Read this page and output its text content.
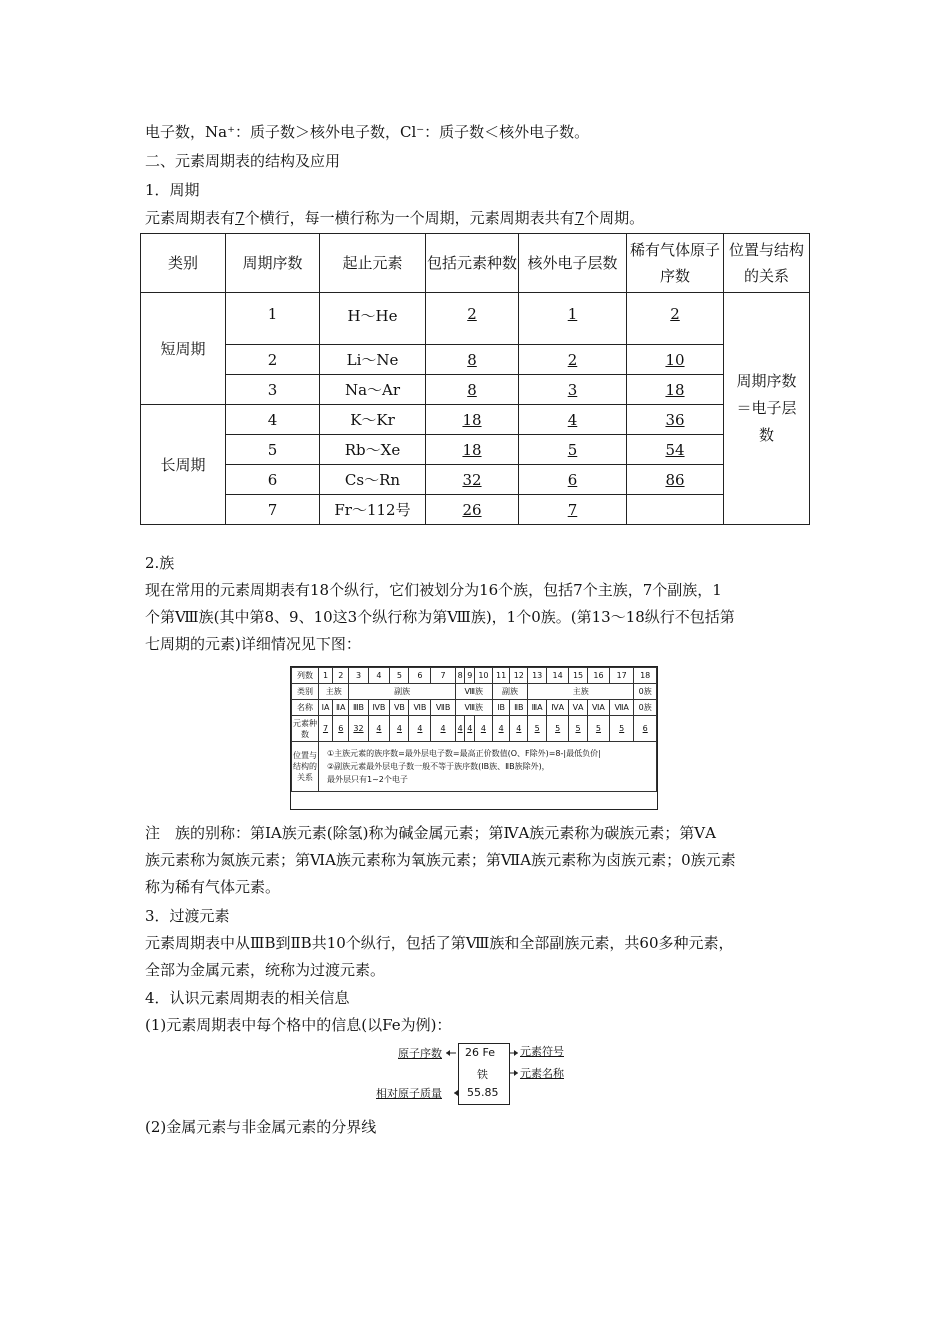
电子数，Na⁺：质子数＞核外电子数，Cl⁻：质子数＜核外电子数。
二、元素周期表的结构及应用
1．周期
元素周期表有7个横行，每一横行称为一个周期，元素周期表共有7个周期。
类别	周期序数	起止元素	包括元素种数	核外电子层数	稀有气体原子序数	位置与结构的关系
短周期	1	H～He	2	1	2	周期序数＝电子层数
	2	Li～Ne	8	2	10	
	3	Na～Ar	8	3	18	
长周期	4	K～Kr	18	4	36	
	5	Rb～Xe	18	5	54	
	6	Cs～Rn	32	6	86	
	7	Fr～112号	26	7		
2.族
现在常用的元素周期表有18个纵行，它们被划分为16个族，包括7个主族，7个副族，1
个第Ⅷ族(其中第8、9、10这3个纵行称为第Ⅷ族)，1个0族。(第13～18纵行不包括第
七周期的元素)详细情况见下图：
列数	1	2	3	4	5	6	7	8	9	10	11	12	13	14	15	16	17	18
类别	主族		副族					Ⅷ族			副族		主族					0族
名称	ⅠA	ⅡA	ⅢB	ⅣB	ⅤB	ⅥB	ⅦB	Ⅷ族			ⅠB	ⅡB	ⅢA	ⅣA	ⅤA	ⅥA	ⅦA	0族
元素种数	7	6	32	4	4	4	4	4	4	4	4	4	5	5	5	5	5	6
位置与结构的关系	①主族元素的族序数=最外层电子数=最高正价数值(O、F除外)=8-|最低负价|
②副族元素最外层电子数一般不等于族序数(ⅠB族、ⅡB族除外)，
最外层只有1~2个电子																	
注　族的别称：第ⅠA族元素(除氢)称为碱金属元素；第ⅣA族元素称为碳族元素；第ⅤA
族元素称为氮族元素；第ⅥA族元素称为氧族元素；第ⅦA族元素称为卤族元素；0族元素
称为稀有气体元素。
3．过渡元素
元素周期表中从ⅢB到ⅡB共10个纵行，包括了第Ⅷ族和全部副族元素，共60多种元素，
全部为金属元素，统称为过渡元素。
4．认识元素周期表的相关信息
(1)元素周期表中每个格中的信息(以Fe为例)：
26 Fe
铁
55.85
原子序数	元素符号
元素名称
相对原子质量
(2)金属元素与非金属元素的分界线
